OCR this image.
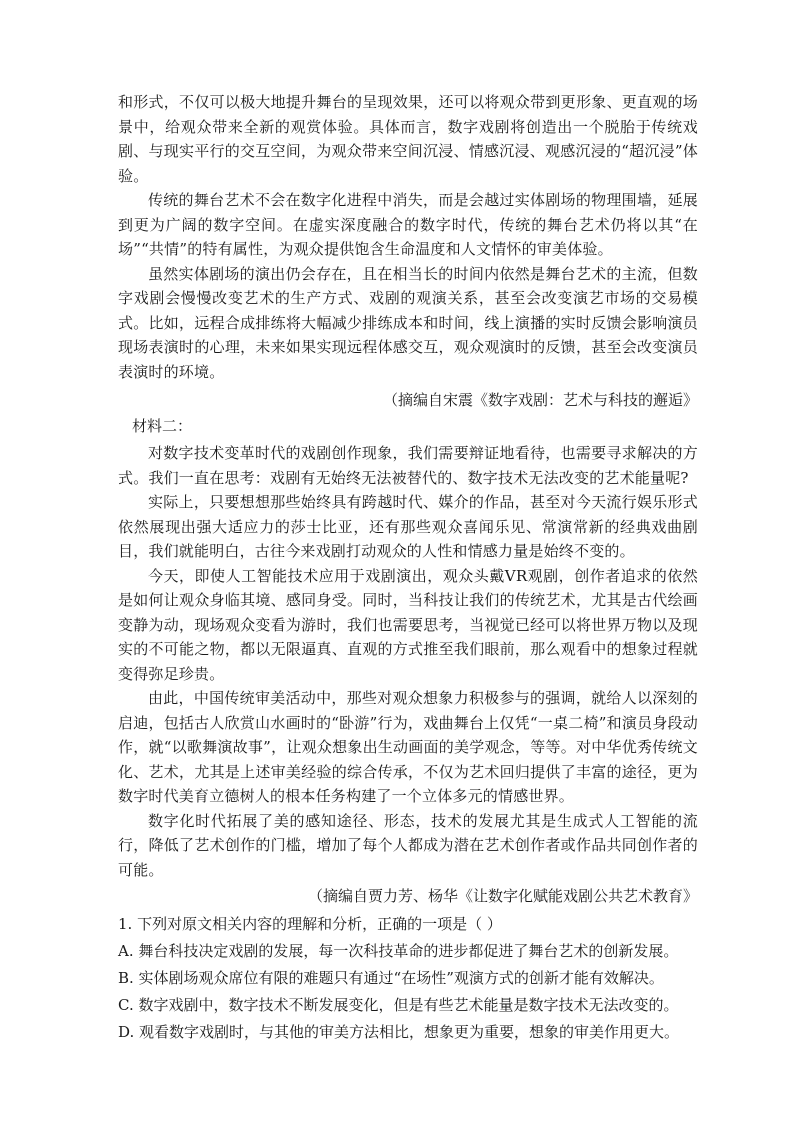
和形式，不仅可以极大地提升舞台的呈现效果，还可以将观众带到更形象、更直观的场景中，给观众带来全新的观赏体验。具体而言，数字戏剧将创造出一个脱胎于传统戏剧、与现实平行的交互空间，为观众带来空间沉浸、情感沉浸、观感沉浸的“超沉浸”体验。

传统的舞台艺术不会在数字化进程中消失，而是会越过实体剧场的物理围墙，延展到更为广阔的数字空间。在虚实深度融合的数字时代，传统的舞台艺术仍将以其“在场”“共情”的特有属性，为观众提供饱含生命温度和人文情怀的审美体验。

虽然实体剧场的演出仍会存在，且在相当长的时间内依然是舞台艺术的主流，但数字戏剧会慢慢改变艺术的生产方式、戏剧的观演关系，甚至会改变演艺市场的交易模式。比如，远程合成排练将大幅减少排练成本和时间，线上演播的实时反馈会影响演员现场表演时的心理，未来如果实现远程体感交互，观众观演时的反馈，甚至会改变演员表演时的环境。

（摘编自宋震《数字戏剧：艺术与科技的邂逅》

材料二：

对数字技术变革时代的戏剧创作现象，我们需要辩证地看待，也需要寻求解决的方式。我们一直在思考：戏剧有无始终无法被替代的、数字技术无法改变的艺术能量呢?

实际上，只要想想那些始终具有跨越时代、媒介的作品，甚至对今天流行娱乐形式依然展现出强大适应力的莎士比亚，还有那些观众喜闻乐见、常演常新的经典戏曲剧目，我们就能明白，古往今来戏剧打动观众的人性和情感力量是始终不变的。

今天，即使人工智能技术应用于戏剧演出，观众头戴VR观剧，创作者追求的依然是如何让观众身临其境、感同身受。同时，当科技让我们的传统艺术，尤其是古代绘画变静为动，现场观众变看为游时，我们也需要思考，当视觉已经可以将世界万物以及现实的不可能之物，都以无限逼真、直观的方式推至我们眼前，那么观看中的想象过程就变得弥足珍贵。

由此，中国传统审美活动中，那些对观众想象力积极参与的强调，就给人以深刻的启迪，包括古人欣赏山水画时的“卧游”行为，戏曲舞台上仅凭“一桌二椅”和演员身段动作，就“以歌舞演故事”，让观众想象出生动画面的美学观念，等等。对中华优秀传统文化、艺术，尤其是上述审美经验的综合传承，不仅为艺术回归提供了丰富的途径，更为数字时代美育立德树人的根本任务构建了一个立体多元的情感世界。

数字化时代拓展了美的感知途径、形态，技术的发展尤其是生成式人工智能的流行，降低了艺术创作的门槛，增加了每个人都成为潜在艺术创作者或作品共同创作者的可能。

（摘编自贾力芳、杨华《让数字化赋能戏剧公共艺术教育》

1. 下列对原文相关内容的理解和分析，正确的一项是（ ）

A. 舞台科技决定戏剧的发展，每一次科技革命的进步都促进了舞台艺术的创新发展。

B. 实体剧场观众席位有限的难题只有通过“在场性”观演方式的创新才能有效解决。

C. 数字戏剧中，数字技术不断发展变化，但是有些艺术能量是数字技术无法改变的。

D. 观看数字戏剧时，与其他的审美方法相比，想象更为重要，想象的审美作用更大。
